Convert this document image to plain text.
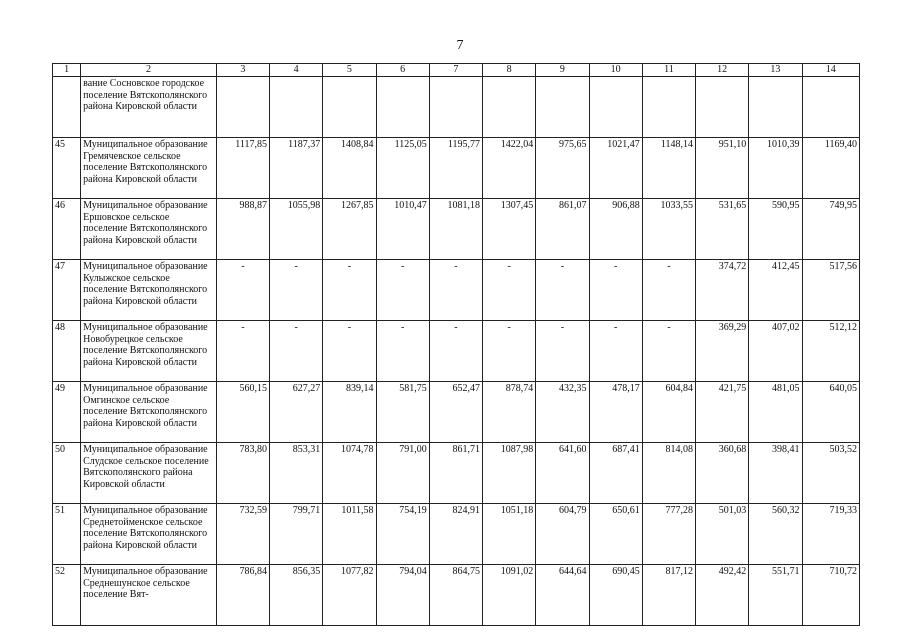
7
1	2	3	4	5	6	7	8	9	10	11	12	13	14
	вание Сосновское городское поселение Вятскополянского района Кировской области												
45	Муниципальное образование Гремячевское сельское поселение Вятскополянского района Кировской области	1117,85	1187,37	1408,84	1125,05	1195,77	1422,04	975,65	1021,47	1148,14	951,10	1010,39	1169,40
46	Муниципальное образование Ершовское сельское поселение Вятскополянского района Кировской области	988,87	1055,98	1267,85	1010,47	1081,18	1307,45	861,07	906,88	1033,55	531,65	590,95	749,95
47	Муниципальное образование Кулыжское сельское поселение Вятскополянского района Кировской области	-	-	-	-	-	-	-	-	-	374,72	412,45	517,56
48	Муниципальное образование Новобурецкое сельское поселение Вятскополянского района Кировской области	-	-	-	-	-	-	-	-	-	369,29	407,02	512,12
49	Муниципальное образование Омгинское сельское поселение Вятскополянского района Кировской области	560,15	627,27	839,14	581,75	652,47	878,74	432,35	478,17	604,84	421,75	481,05	640,05
50	Муниципальное образование Слудское сельское поселение Вятскополянского района Кировской области	783,80	853,31	1074,78	791,00	861,71	1087,98	641,60	687,41	814,08	360,68	398,41	503,52
51	Муниципальное образование Среднетойменское сельское поселение Вятскополянского района Кировской области	732,59	799,71	1011,58	754,19	824,91	1051,18	604,79	650,61	777,28	501,03	560,32	719,33
52	Муниципальное образование Среднешунское сельское поселение Вят-	786,84	856,35	1077,82	794,04	864,75	1091,02	644,64	690,45	817,12	492,42	551,71	710,72
